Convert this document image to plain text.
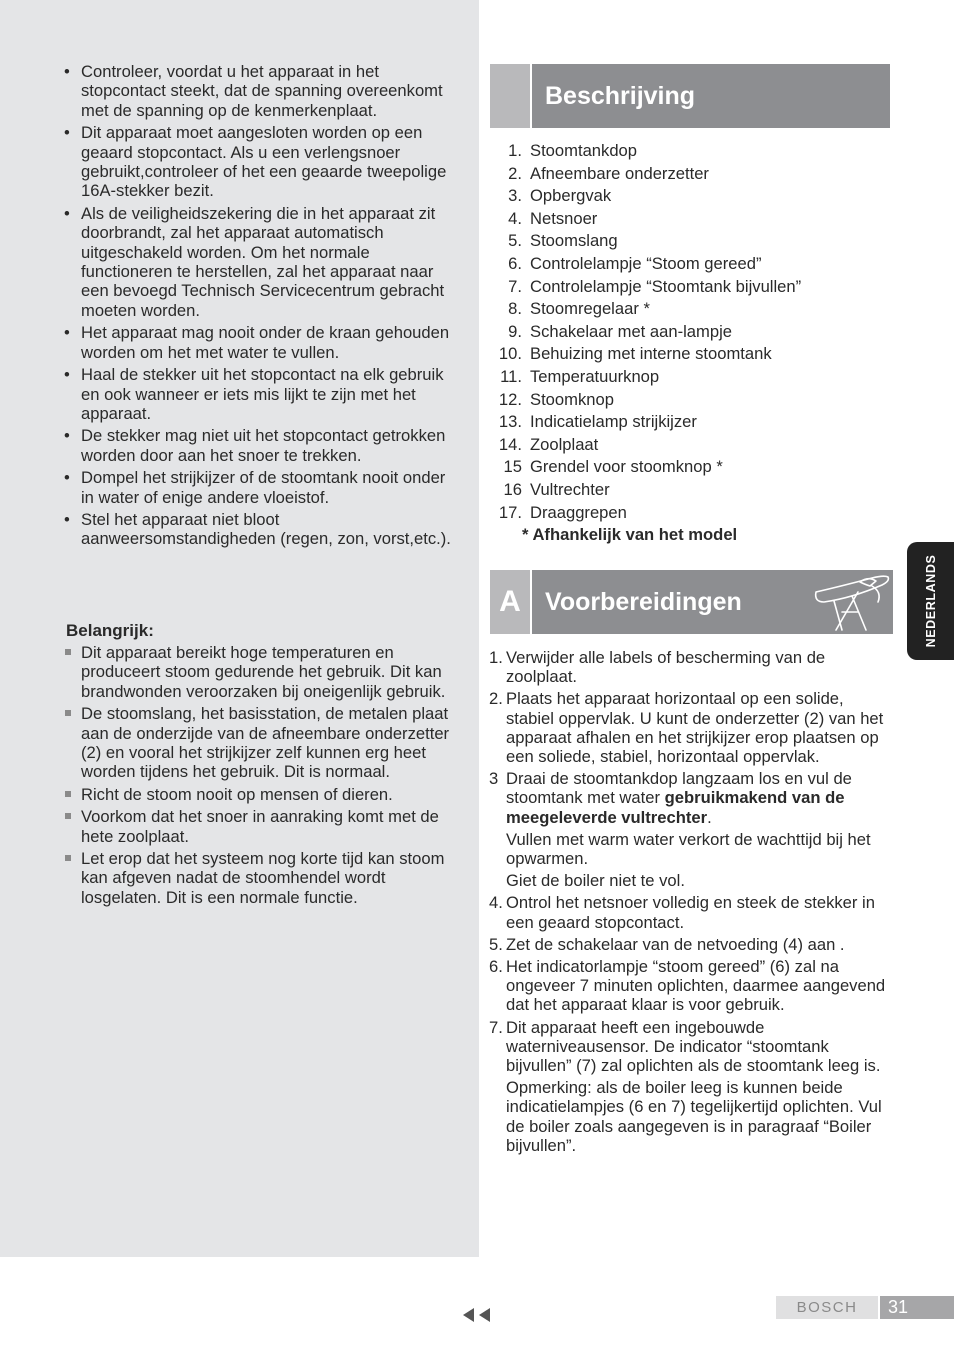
• Controleer, voordat u het apparaat in het stopcontact steekt, dat de spanning overeenkomt met de spanning op de kenmerkenplaat.
• Dit apparaat moet aangesloten worden op een geaard stopcontact. Als u een verlengsnoer gebruikt,controleer of het een geaarde tweepolige 16A-stekker bezit.
• Als de veiligheidszekering die in het apparaat zit doorbrandt, zal het apparaat automatisch uitgeschakeld worden. Om het normale functioneren te herstellen, zal het apparaat naar een bevoegd Technisch Servicecentrum gebracht moeten worden.
• Het apparaat mag nooit onder de kraan gehouden worden om het met water te vullen.
• Haal de stekker uit het stopcontact na elk gebruik en ook wanneer er iets mis lijkt te zijn met het apparaat.
• De stekker mag niet uit het stopcontact getrokken worden door aan het snoer te trekken.
• Dompel het strijkijzer of de stoomtank nooit onder in water of enige andere vloeistof.
• Stel het apparaat niet bloot aanweersomstandigheden (regen, zon, vorst,etc.).
Belangrijk:
Dit apparaat bereikt hoge temperaturen en produceert stoom gedurende het gebruik. Dit kan brandwonden veroorzaken bij oneigenlijk gebruik.
De stoomslang, het basisstation, de metalen plaat aan de onderzijde van de afneembare onderzetter (2) en vooral het strijkijzer zelf kunnen erg heet worden tijdens het gebruik. Dit is normaal.
Richt de stoom nooit op mensen of dieren.
Voorkom dat het snoer in aanraking komt met de hete zoolplaat.
Let erop dat het systeem nog korte tijd kan stoom kan afgeven nadat de stoomhendel wordt losgelaten. Dit is een normale functie.
Beschrijving
1. Stoomtankdop
2. Afneembare onderzetter
3. Opbergvak
4. Netsnoer
5. Stoomslang
6. Controlelampje “Stoom gereed”
7. Controlelampje “Stoomtank bijvullen”
8. Stoomregelaar *
9. Schakelaar met aan-lampje
10. Behuizing met interne stoomtank
11. Temperatuurknop
12. Stoomknop
13. Indicatielamp strijkijzer
14. Zoolplaat
15 Grendel voor stoomknop *
16 Vultrechter
17. Draaggrepen
* Afhankelijk van het model
A Voorbereidingen
1. Verwijder alle labels of bescherming van de zoolplaat.

2. Plaats het apparaat horizontaal op een solide, stabiel oppervlak. U kunt de onderzetter (2) van het apparaat afhalen en het strijkijzer erop plaatsen op een soliede, stabiel, horizontaal oppervlak.

3 Draai de stoomtankdop langzaam los en vul de stoomtank met water gebruikmakend van de meegeleverde vultrechter.

Vullen met warm water verkort de wachttijd bij het opwarmen.

Giet de boiler niet te vol.

4. Ontrol het netsnoer volledig en steek de stekker in een geaard stopcontact.

5. Zet de schakelaar van de netvoeding (4) aan .

6. Het indicatorlampje “stoom gereed” (6) zal na ongeveer 7 minuten oplichten, daarmee aangevend dat het apparaat klaar is voor gebruik.

7. Dit apparaat heeft een ingebouwde waterniveausensor. De indicator “stoomtank bijvullen” (7) zal oplichten als de stoomtank leeg is.

Opmerking: als de boiler leeg is kunnen beide indicatielampjes (6 en 7) tegelijkertijd oplichten. Vul de boiler zoals aangegeven is in paragraaf “Boiler bijvullen”.

NEDERLANDS
BOSCH	31
